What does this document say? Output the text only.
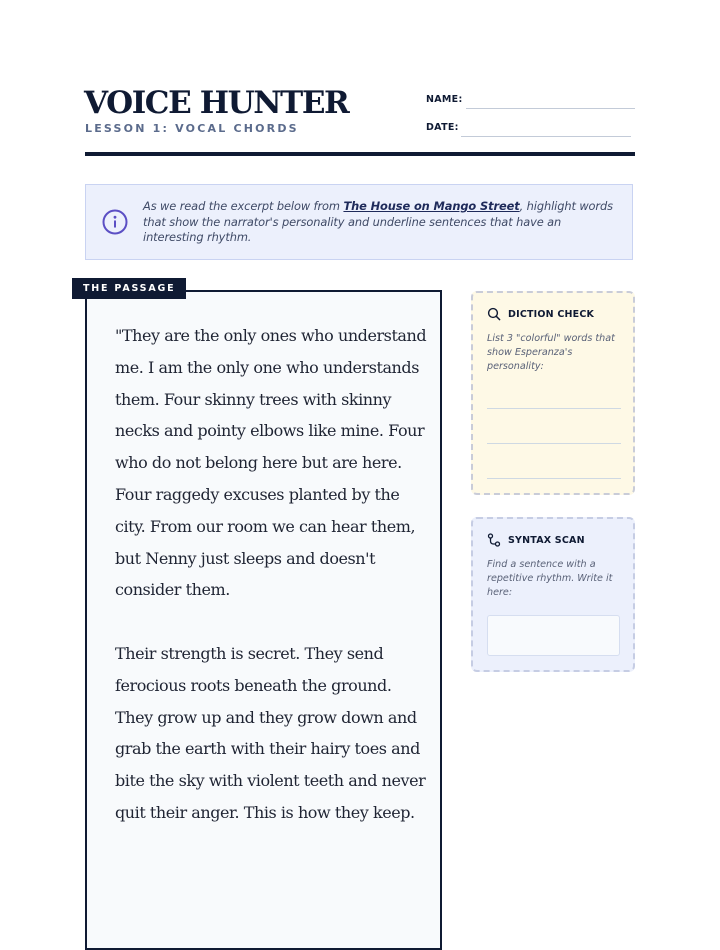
VOICE HUNTER
LESSON 1: VOCAL CHORDS
NAME:
DATE:
As we read the excerpt below from The House on Mango Street, highlight words that show the narrator's personality and underline sentences that have an interesting rhythm.
THE PASSAGE

"They are the only ones who understand me. I am the only one who understands them. Four skinny trees with skinny necks and pointy elbows like mine. Four who do not belong here but are here. Four raggedy excuses planted by the city. From our room we can hear them, but Nenny just sleeps and doesn't consider them.

Their strength is secret. They send ferocious roots beneath the ground. They grow up and they grow down and grab the earth with their hairy toes and bite the sky with violent teeth and never quit their anger. This is how they keep.

DICTION CHECK
List 3 "colorful" words that show Esperanza's personality:
SYNTAX SCAN
Find a sentence with a repetitive rhythm. Write it here:
